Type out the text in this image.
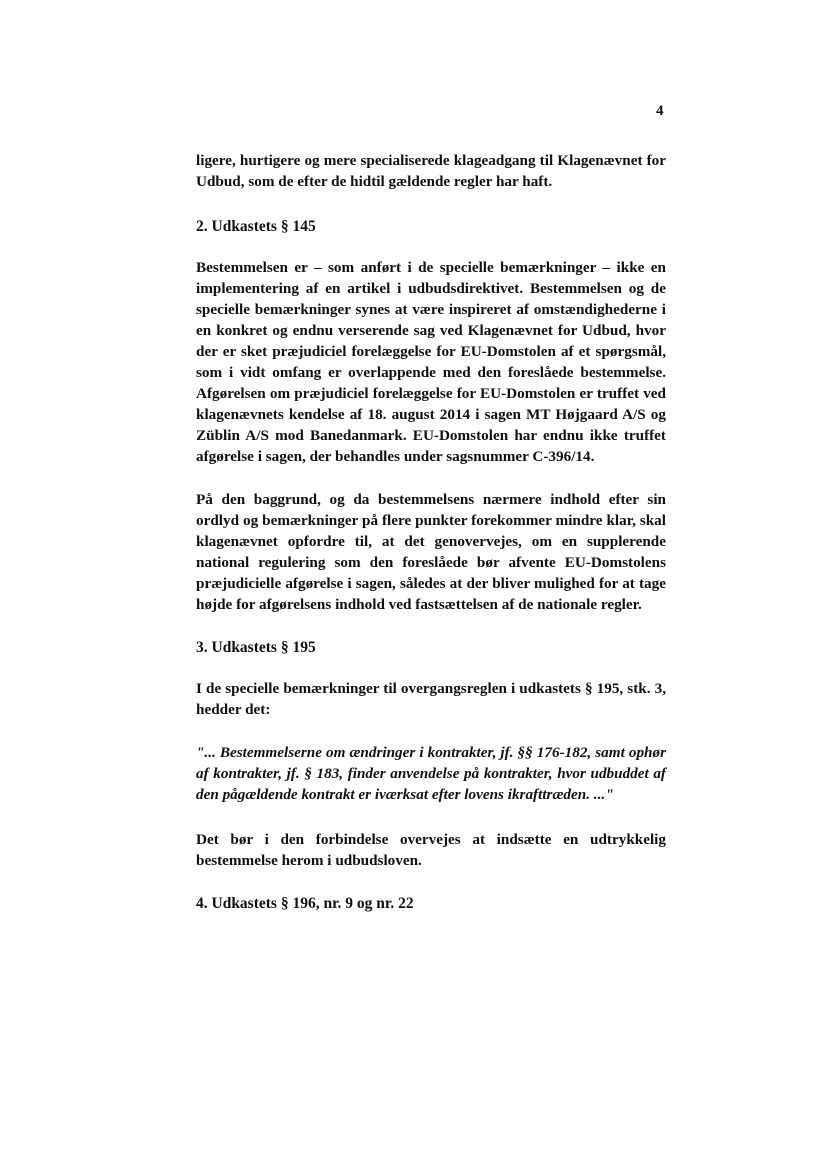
4

ligere, hurtigere og mere specialiserede klageadgang til Klagenævnet for Udbud, som de efter de hidtil gældende regler har haft.

2. Udkastets § 145

Bestemmelsen er – som anført i de specielle bemærkninger – ikke en implementering af en artikel i udbudsdirektivet. Bestemmelsen og de specielle bemærkninger synes at være inspireret af omstændighederne i en konkret og endnu verserende sag ved Klagenævnet for Udbud, hvor der er sket præjudiciel forelæggelse for EU-Domstolen af et spørgsmål, som i vidt omfang er overlappende med den foreslåede bestemmelse. Afgørelsen om præjudiciel forelæggelse for EU-Domstolen er truffet ved klagenævnets kendelse af 18. august 2014 i sagen MT Højgaard A/S og Züblin A/S mod Banedanmark. EU-Domstolen har endnu ikke truffet afgørelse i sagen, der behandles under sagsnummer C-396/14.

På den baggrund, og da bestemmelsens nærmere indhold efter sin ordlyd og bemærkninger på flere punkter forekommer mindre klar, skal klagenævnet opfordre til, at det genovervejes, om en supplerende national regulering som den foreslåede bør afvente EU-Domstolens præjudicielle afgørelse i sagen, således at der bliver mulighed for at tage højde for afgørelsens indhold ved fastsættelsen af de nationale regler.

3. Udkastets § 195

I de specielle bemærkninger til overgangsreglen i udkastets § 195, stk. 3, hedder det:

"... Bestemmelserne om ændringer i kontrakter, jf. §§ 176-182, samt ophør af kontrakter, jf. § 183, finder anvendelse på kontrakter, hvor udbuddet af den pågældende kontrakt er iværksat efter lovens ikrafttræden. ..."

Det bør i den forbindelse overvejes at indsætte en udtrykkelig bestemmelse herom i udbudsloven.

4. Udkastets § 196, nr. 9 og nr. 22
